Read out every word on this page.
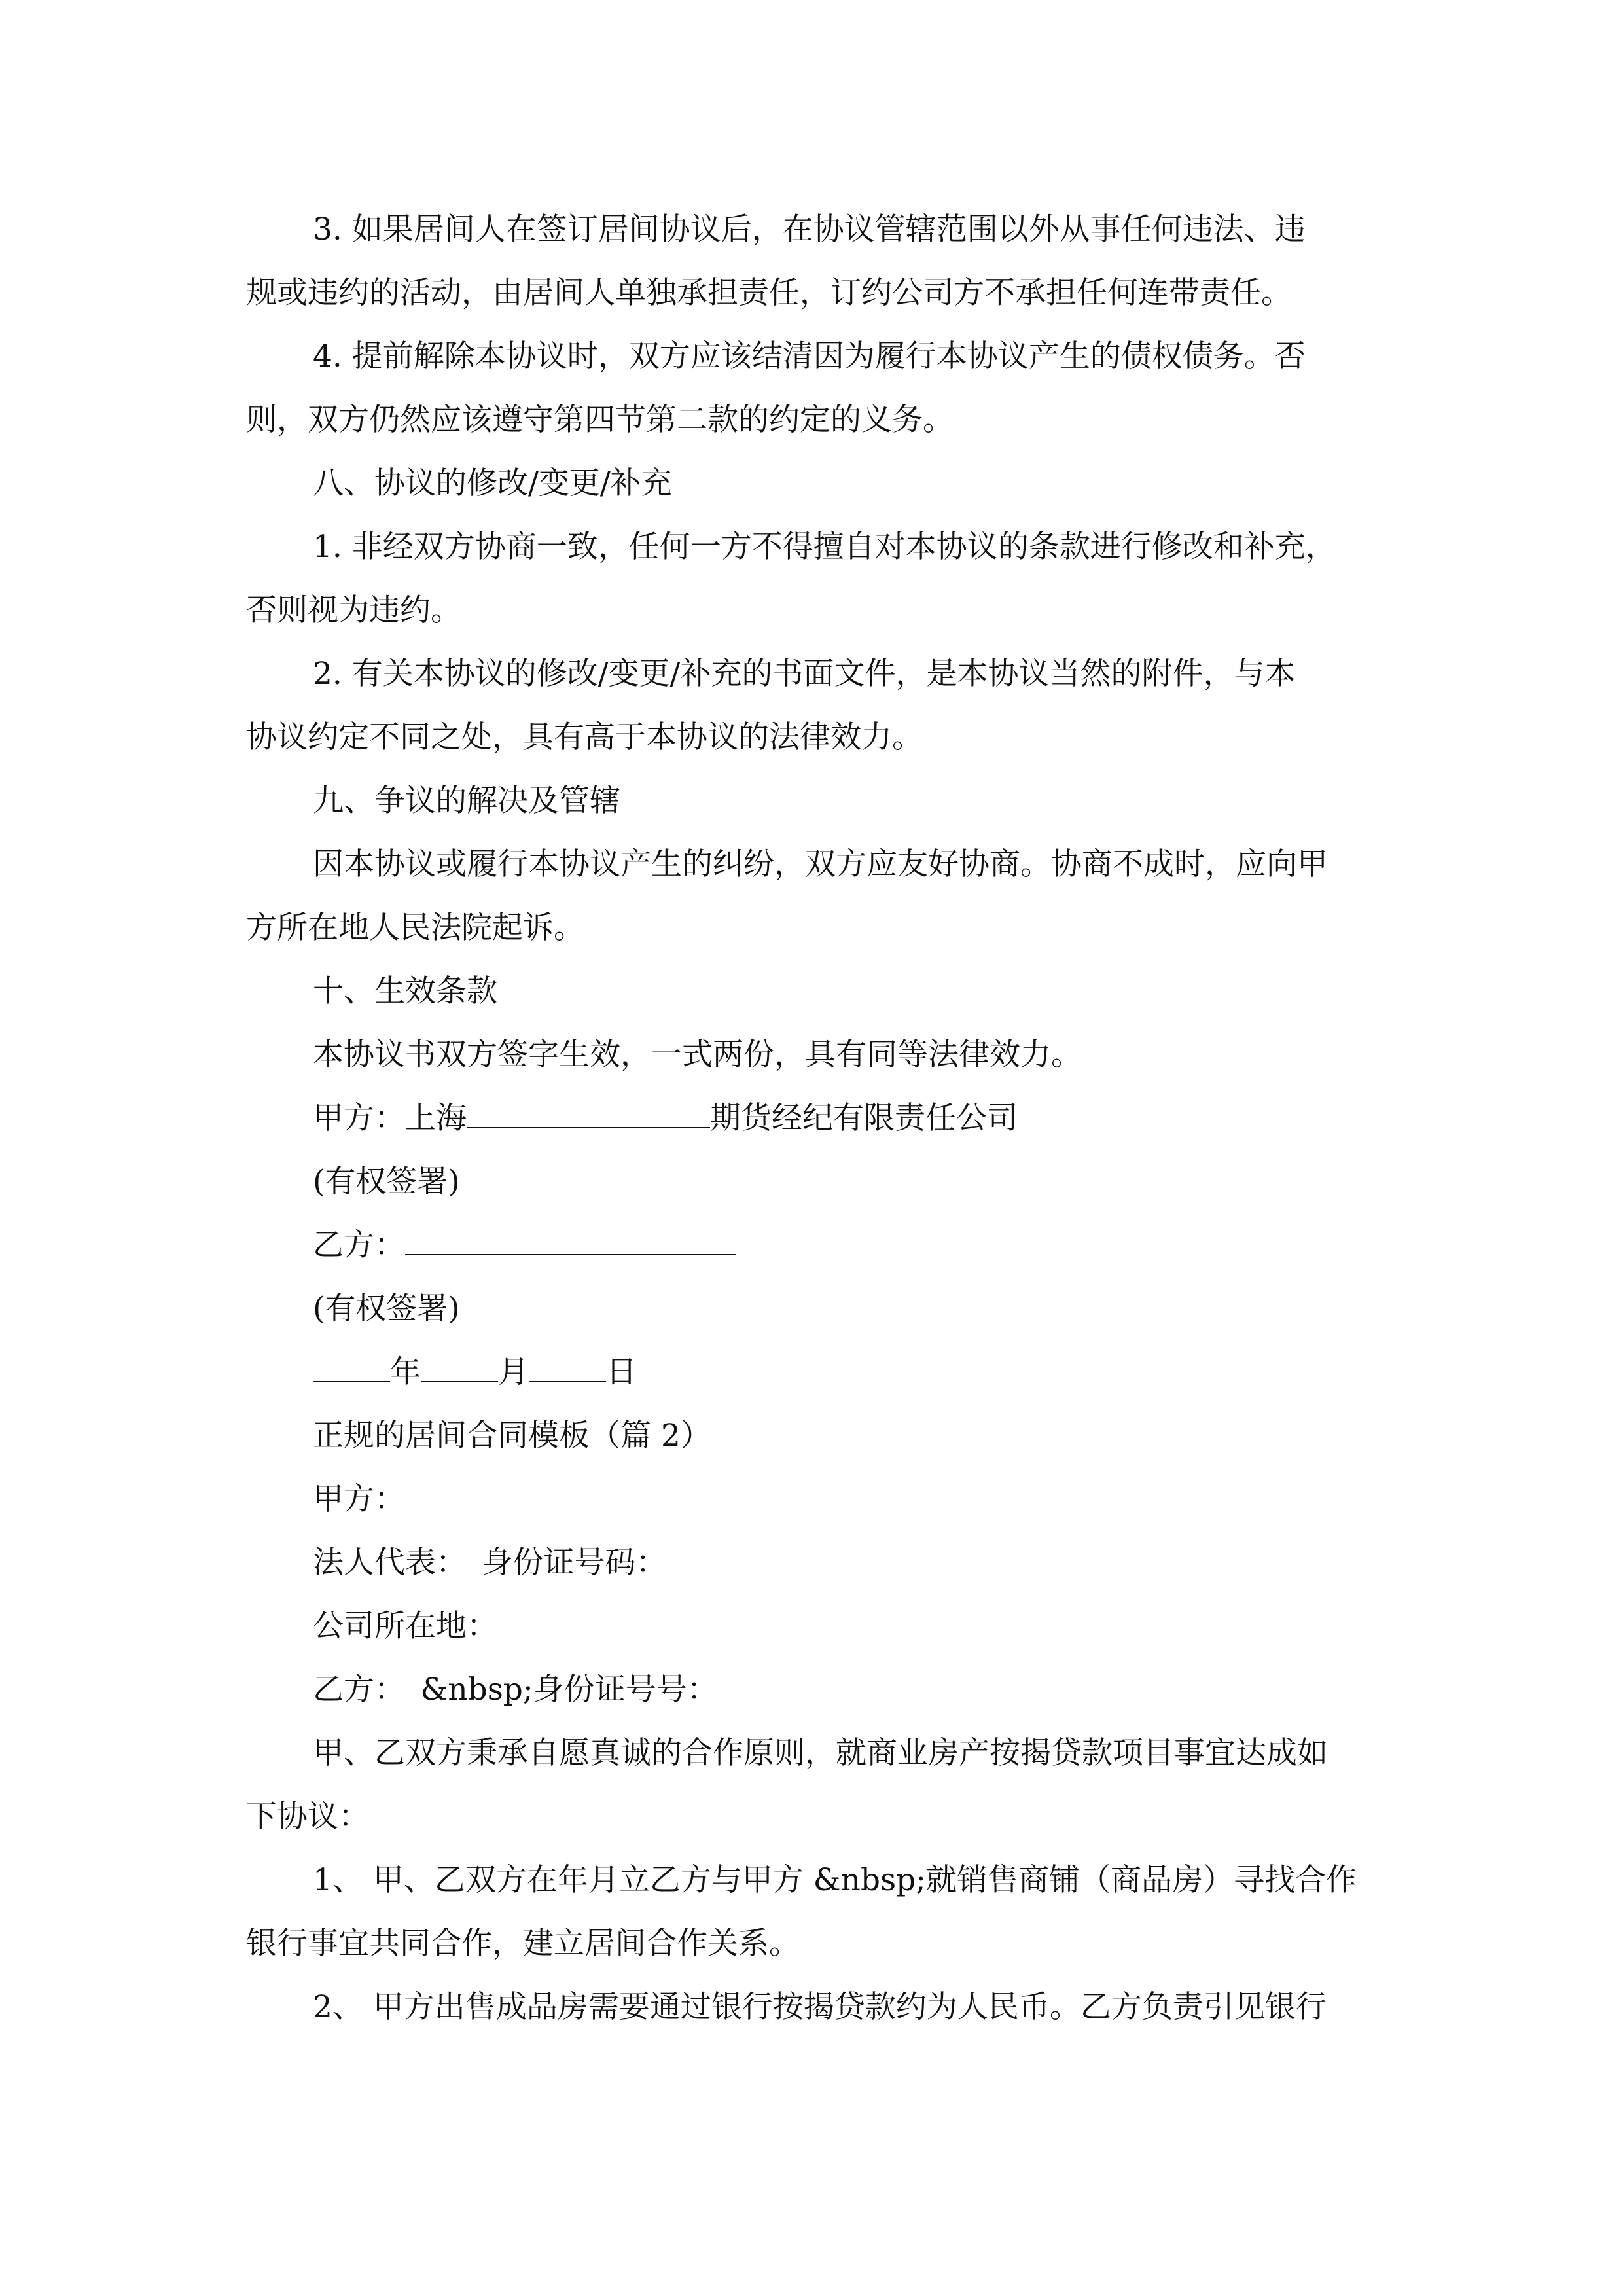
3. 如果居间人在签订居间协议后，在协议管辖范围以外从事任何违法、违
规或违约的活动，由居间人单独承担责任，订约公司方不承担任何连带责任。
4. 提前解除本协议时，双方应该结清因为履行本协议产生的债权债务。否
则，双方仍然应该遵守第四节第二款的约定的义务。
八、协议的修改/变更/补充
1. 非经双方协商一致，任何一方不得擅自对本协议的条款进行修改和补充，
否则视为违约。
2. 有关本协议的修改/变更/补充的书面文件，是本协议当然的附件，与本
协议约定不同之处，具有高于本协议的法律效力。
九、争议的解决及管辖
因本协议或履行本协议产生的纠纷，双方应友好协商。协商不成时，应向甲
方所在地人民法院起诉。
十、生效条款
本协议书双方签字生效，一式两份，具有同等法律效力。
甲方：上海	期货经纪有限责任公司
(有权签署)
乙方：
(有权签署)
年	月	日
正规的居间合同模板（篇 2）
甲方：
法人代表：　身份证号码：
公司所在地：
乙方：　&nbsp;身份证号号：
甲、乙双方秉承自愿真诚的合作原则，就商业房产按揭贷款项目事宜达成如
下协议：
1、 甲、乙双方在年月立乙方与甲方 &nbsp;就销售商铺（商品房）寻找合作
银行事宜共同合作，建立居间合作关系。
2、 甲方出售成品房需要通过银行按揭贷款约为人民币。乙方负责引见银行
